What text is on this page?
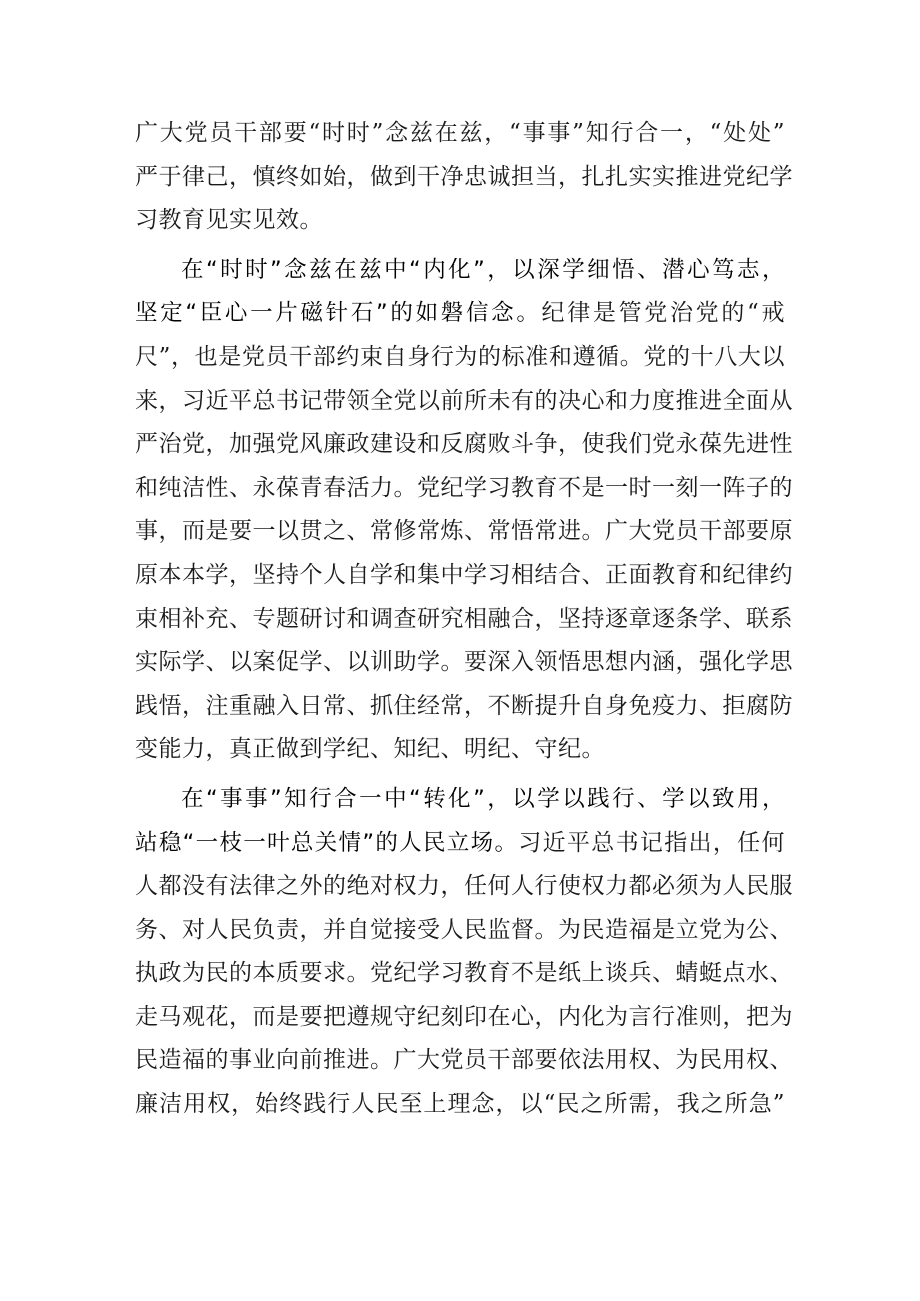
广大党员干部要“时时”念兹在兹，“事事”知行合一，“处处”
严于律己，慎终如始，做到干净忠诚担当，扎扎实实推进党纪学
习教育见实见效。
在“时时”念兹在兹中“内化”，以深学细悟、潜心笃志，
坚定“臣心一片磁针石”的如磐信念。纪律是管党治党的“戒
尺”，也是党员干部约束自身行为的标准和遵循。党的十八大以
来，习近平总书记带领全党以前所未有的决心和力度推进全面从
严治党，加强党风廉政建设和反腐败斗争，使我们党永葆先进性
和纯洁性、永葆青春活力。党纪学习教育不是一时一刻一阵子的
事，而是要一以贯之、常修常炼、常悟常进。广大党员干部要原
原本本学，坚持个人自学和集中学习相结合、正面教育和纪律约
束相补充、专题研讨和调查研究相融合，坚持逐章逐条学、联系
实际学、以案促学、以训助学。要深入领悟思想内涵，强化学思
践悟，注重融入日常、抓住经常，不断提升自身免疫力、拒腐防
变能力，真正做到学纪、知纪、明纪、守纪。
在“事事”知行合一中“转化”，以学以践行、学以致用，
站稳“一枝一叶总关情”的人民立场。习近平总书记指出，任何
人都没有法律之外的绝对权力，任何人行使权力都必须为人民服
务、对人民负责，并自觉接受人民监督。为民造福是立党为公、
执政为民的本质要求。党纪学习教育不是纸上谈兵、蜻蜓点水、
走马观花，而是要把遵规守纪刻印在心，内化为言行准则，把为
民造福的事业向前推进。广大党员干部要依法用权、为民用权、
廉洁用权，始终践行人民至上理念，以“民之所需，我之所急”
